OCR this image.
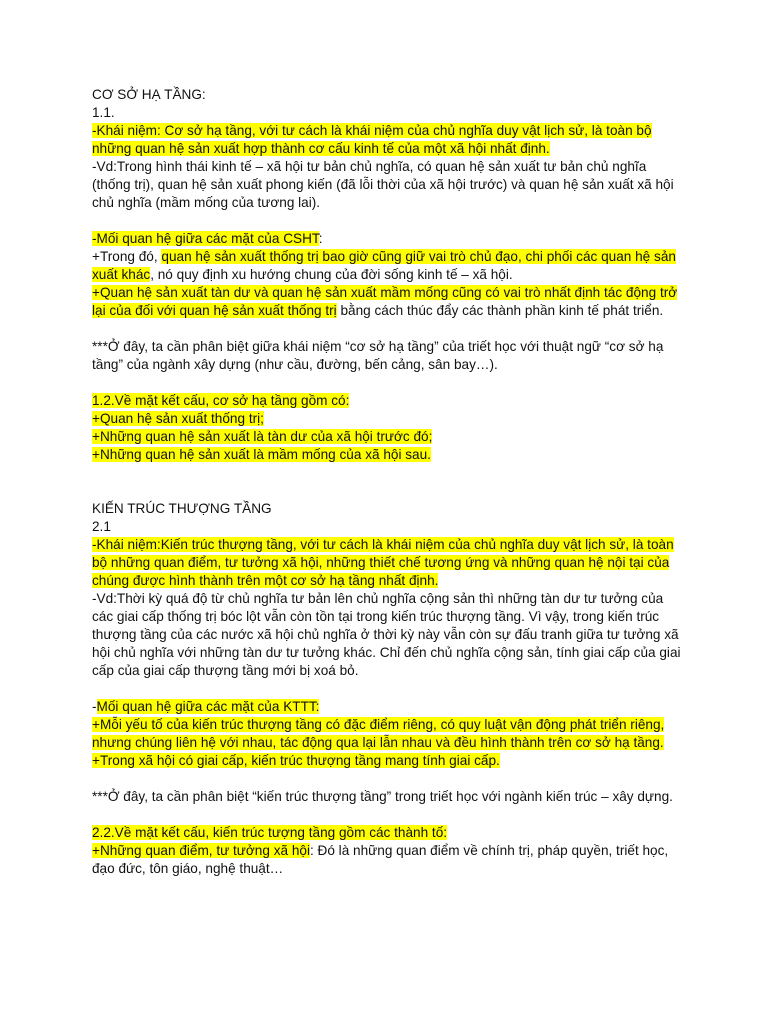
CƠ SỞ HẠ TẦNG:

1.1.

-Khái niệm: Cơ sở hạ tầng, với tư cách là khái niệm của chủ nghĩa duy vật lịch sử, là toàn bộ những quan hệ sản xuất hợp thành cơ cấu kinh tế của một xã hội nhất định.

-Vd:Trong hình thái kinh tế – xã hội tư bản chủ nghĩa, có quan hệ sản xuất tư bản chủ nghĩa (thống trị), quan hệ sản xuất phong kiến (đã lỗi thời của xã hội trước) và quan hệ sản xuất xã hội chủ nghĩa (mầm mống của tương lai).

-Mối quan hệ giữa các mặt của CSHT:

+Trong đó, quan hệ sản xuất thống trị bao giờ cũng giữ vai trò chủ đạo, chi phối các quan hệ sản xuất khác, nó quy định xu hướng chung của đời sống kinh tế – xã hội.

+Quan hệ sản xuất tàn dư và quan hệ sản xuất mầm mống cũng có vai trò nhất định tác động trở lại của đối với quan hệ sản xuất thống trị bằng cách thúc đẩy các thành phần kinh tế phát triển.

***Ở đây, ta cần phân biệt giữa khái niệm “cơ sở hạ tầng” của triết học với thuật ngữ “cơ sở hạ tầng” của ngành xây dựng (như cầu, đường, bến cảng, sân bay…).

1.2.Về mặt kết cấu, cơ sở hạ tầng gồm có:

+Quan hệ sản xuất thống trị;

+Những quan hệ sản xuất là tàn dư của xã hội trước đó;

+Những quan hệ sản xuất là mầm mống của xã hội sau.

KIẾN TRÚC THƯỢNG TẦNG

2.1

-Khái niệm:Kiến trúc thượng tầng, với tư cách là khái niệm của chủ nghĩa duy vật lịch sử, là toàn bộ những quan điểm, tư tưởng xã hội, những thiết chế tương ứng và những quan hệ nội tại của chúng được hình thành trên một cơ sở hạ tầng nhất định.

-Vd:Thời kỳ quá độ từ chủ nghĩa tư bản lên chủ nghĩa cộng sản thì những tàn dư tư tưởng của các giai cấp thống trị bóc lột vẫn còn tồn tại trong kiến trúc thượng tầng. Vì vậy, trong kiến trúc thượng tầng của các nước xã hội chủ nghĩa ở thời kỳ này vẫn còn sự đấu tranh giữa tư tưởng xã hội chủ nghĩa với những tàn dư tư tưởng khác. Chỉ đến chủ nghĩa cộng sản, tính giai cấp của giai cấp của giai cấp thượng tầng mới bị xoá bỏ.

-Mối quan hệ giữa các mặt của KTTT:

+Mỗi yếu tố của kiến trúc thượng tầng có đặc điểm riêng, có quy luật vận động phát triển riêng, nhưng chúng liên hệ với nhau, tác động qua lại lẫn nhau và đều hình thành trên cơ sở hạ tầng.

+Trong xã hội có giai cấp, kiến trúc thượng tầng mang tính giai cấp.

***Ở đây, ta cần phân biệt “kiến trúc thượng tầng” trong triết học với ngành kiến trúc – xây dựng.

2.2.Về mặt kết cấu, kiến trúc tượng tầng gồm các thành tố:

+Những quan điểm, tư tưởng xã hội: Đó là những quan điểm về chính trị, pháp quyền, triết học, đạo đức, tôn giáo, nghệ thuật…
